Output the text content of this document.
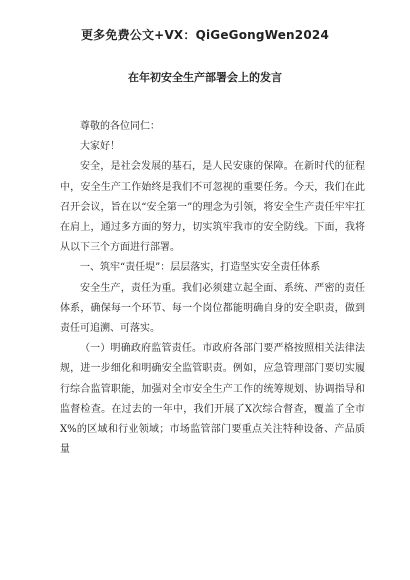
更多免费公文+VX：QiGeGongWen2024
在年初安全生产部署会上的发言

尊敬的各位同仁：

大家好！

安全，是社会发展的基石，是人民安康的保障。在新时代的征程中，安全生产工作始终是我们不可忽视的重要任务。今天，我们在此召开会议，旨在以“安全第一”的理念为引领，将安全生产责任牢牢扛在肩上，通过多方面的努力，切实筑牢我市的安全防线。下面，我将从以下三个方面进行部署。

一、筑牢“责任堤”：层层落实，打造坚实安全责任体系

安全生产，责任为重。我们必须建立起全面、系统、严密的责任体系，确保每一个环节、每一个岗位都能明确自身的安全职责，做到责任可追溯、可落实。

（一）明确政府监管责任。市政府各部门要严格按照相关法律法规，进一步细化和明确安全监管职责。例如，应急管理部门要切实履行综合监管职能，加强对全市安全生产工作的统筹规划、协调指导和监督检查。在过去的一年中，我们开展了X次综合督查，覆盖了全市X%的区域和行业领域；市场监管部门要重点关注特种设备、产品质量
